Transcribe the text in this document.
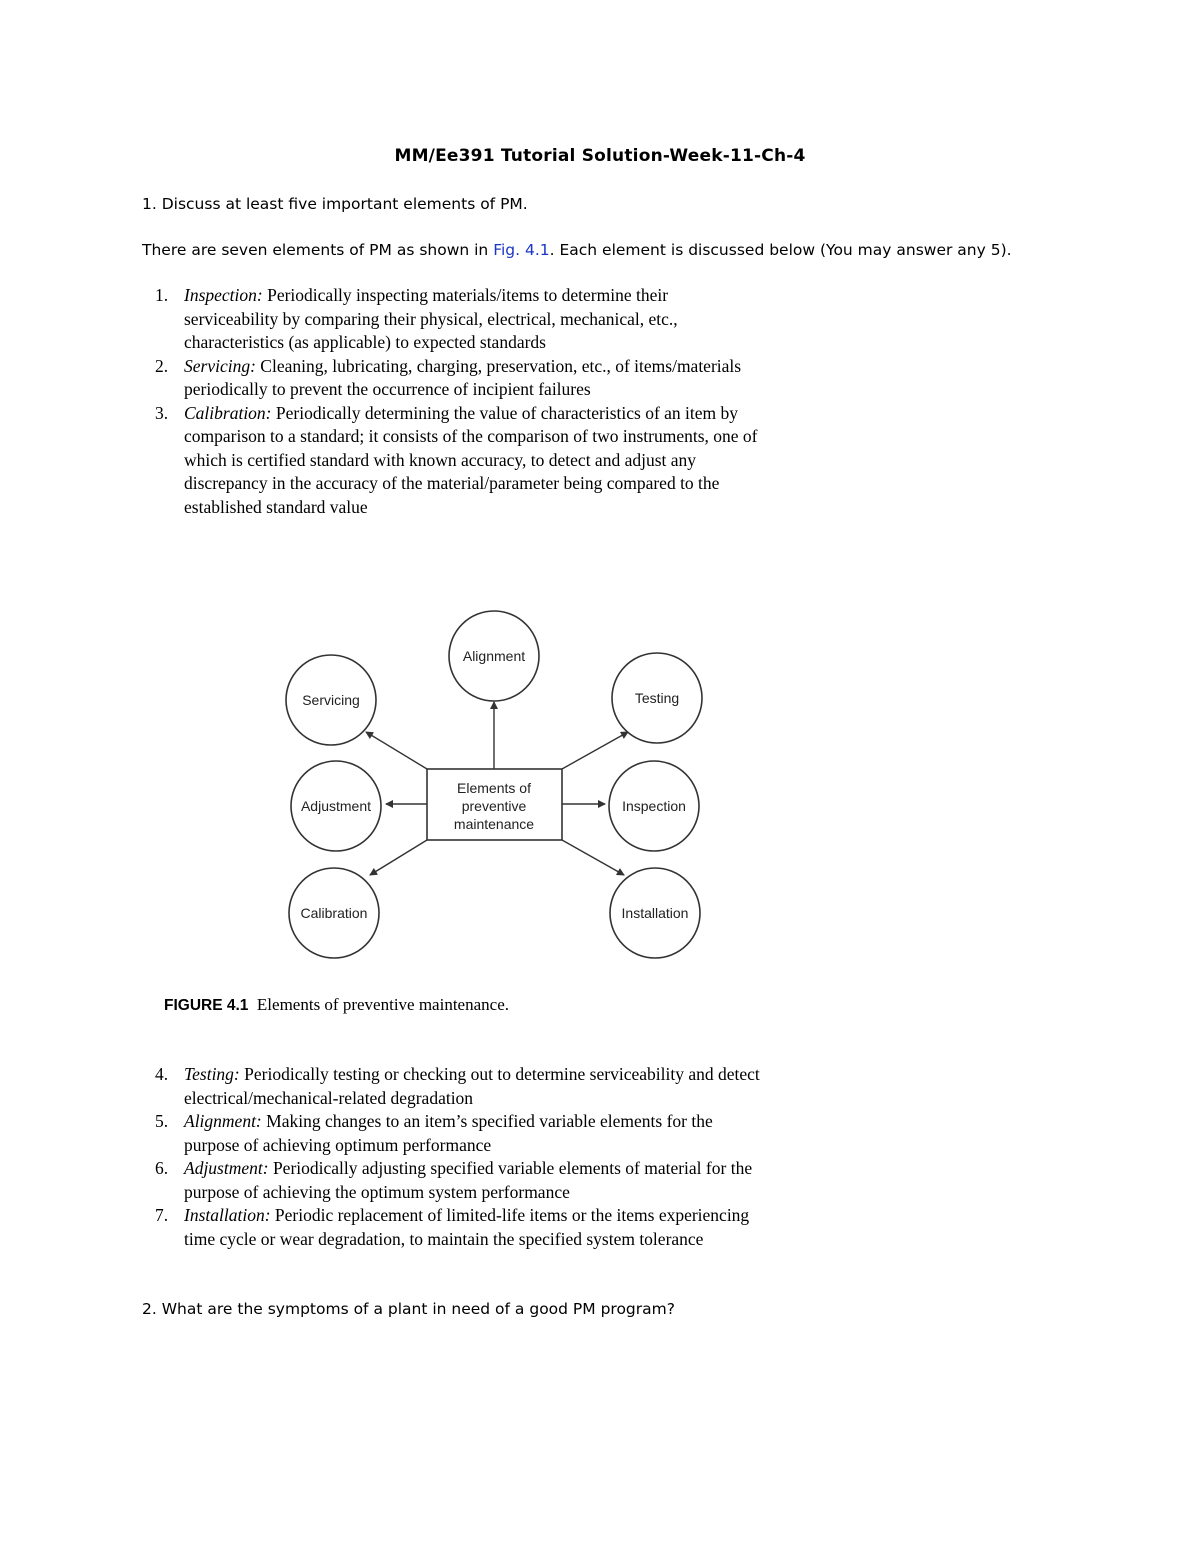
MM/Ee391 Tutorial Solution-Week-11-Ch-4
1. Discuss at least five important elements of PM.
There are seven elements of PM as shown in Fig. 4.1. Each element is discussed below (You may answer any 5).
1. Inspection: Periodically inspecting materials/items to determine their serviceability by comparing their physical, electrical, mechanical, etc., characteristics (as applicable) to expected standards
2. Servicing: Cleaning, lubricating, charging, preservation, etc., of items/materials periodically to prevent the occurrence of incipient failures
3. Calibration: Periodically determining the value of characteristics of an item by comparison to a standard; it consists of the comparison of two instruments, one of which is certified standard with known accuracy, to detect and adjust any discrepancy in the accuracy of the material/parameter being compared to the established standard value
Elements of
preventive
maintenance
Alignment
Servicing	Testing
Adjustment	Inspection
Calibration	Installation
FIGURE 4.1 Elements of preventive maintenance.
4. Testing: Periodically testing or checking out to determine serviceability and detect electrical/mechanical-related degradation
5. Alignment: Making changes to an item’s specified variable elements for the purpose of achieving optimum performance
6. Adjustment: Periodically adjusting specified variable elements of material for the purpose of achieving the optimum system performance
7. Installation: Periodic replacement of limited-life items or the items experiencing time cycle or wear degradation, to maintain the specified system tolerance
2. What are the symptoms of a plant in need of a good PM program?
